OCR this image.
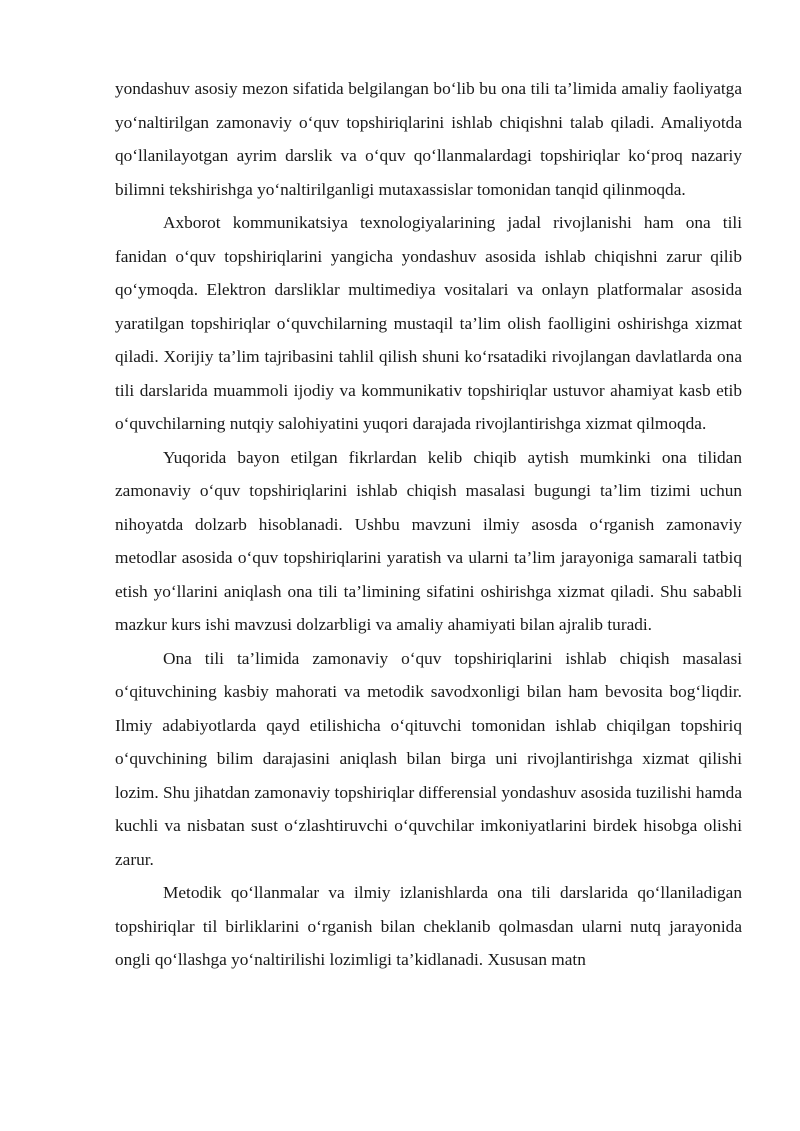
yondashuv asosiy mezon sifatida belgilangan bo‘lib bu ona tili ta’limida amaliy faoliyatga yo‘naltirilgan zamonaviy o‘quv topshiriqlarini ishlab chiqishni talab qiladi. Amaliyotda qo‘llanilayotgan ayrim darslik va o‘quv qo‘llanmalardagi topshiriqlar ko‘proq nazariy bilimni tekshirishga yo‘naltirilganligi mutaxassislar tomonidan tanqid qilinmoqda.

Axborot kommunikatsiya texnologiyalarining jadal rivojlanishi ham ona tili fanidan o‘quv topshiriqlarini yangicha yondashuv asosida ishlab chiqishni zarur qilib qo‘ymoqda. Elektron darsliklar multimediya vositalari va onlayn platformalar asosida yaratilgan topshiriqlar o‘quvchilarning mustaqil ta’lim olish faolligini oshirishga xizmat qiladi. Xorijiy ta’lim tajribasini tahlil qilish shuni ko‘rsatadiki rivojlangan davlatlarda ona tili darslarida muammoli ijodiy va kommunikativ topshiriqlar ustuvor ahamiyat kasb etib o‘quvchilarning nutqiy salohiyatini yuqori darajada rivojlantirishga xizmat qilmoqda.

Yuqorida bayon etilgan fikrlardan kelib chiqib aytish mumkinki ona tilidan zamonaviy o‘quv topshiriqlarini ishlab chiqish masalasi bugungi ta’lim tizimi uchun nihoyatda dolzarb hisoblanadi. Ushbu mavzuni ilmiy asosda o‘rganish zamonaviy metodlar asosida o‘quv topshiriqlarini yaratish va ularni ta’lim jarayoniga samarali tatbiq etish yo‘llarini aniqlash ona tili ta’limining sifatini oshirishga xizmat qiladi. Shu sababli mazkur kurs ishi mavzusi dolzarbligi va amaliy ahamiyati bilan ajralib turadi.

Ona tili ta’limida zamonaviy o‘quv topshiriqlarini ishlab chiqish masalasi o‘qituvchining kasbiy mahorati va metodik savodxonligi bilan ham bevosita bog‘liqdir. Ilmiy adabiyotlarda qayd etilishicha o‘qituvchi tomonidan ishlab chiqilgan topshiriq o‘quvchining bilim darajasini aniqlash bilan birga uni rivojlantirishga xizmat qilishi lozim. Shu jihatdan zamonaviy topshiriqlar differensial yondashuv asosida tuzilishi hamda kuchli va nisbatan sust o‘zlashtiruvchi o‘quvchilar imkoniyatlarini birdek hisobga olishi zarur.

Metodik qo‘llanmalar va ilmiy izlanishlarda ona tili darslarida qo‘llaniladigan topshiriqlar til birliklarini o‘rganish bilan cheklanib qolmasdan ularni nutq jarayonida ongli qo‘llashga yo‘naltirilishi lozimligi ta’kidlanadi. Xususan matn
